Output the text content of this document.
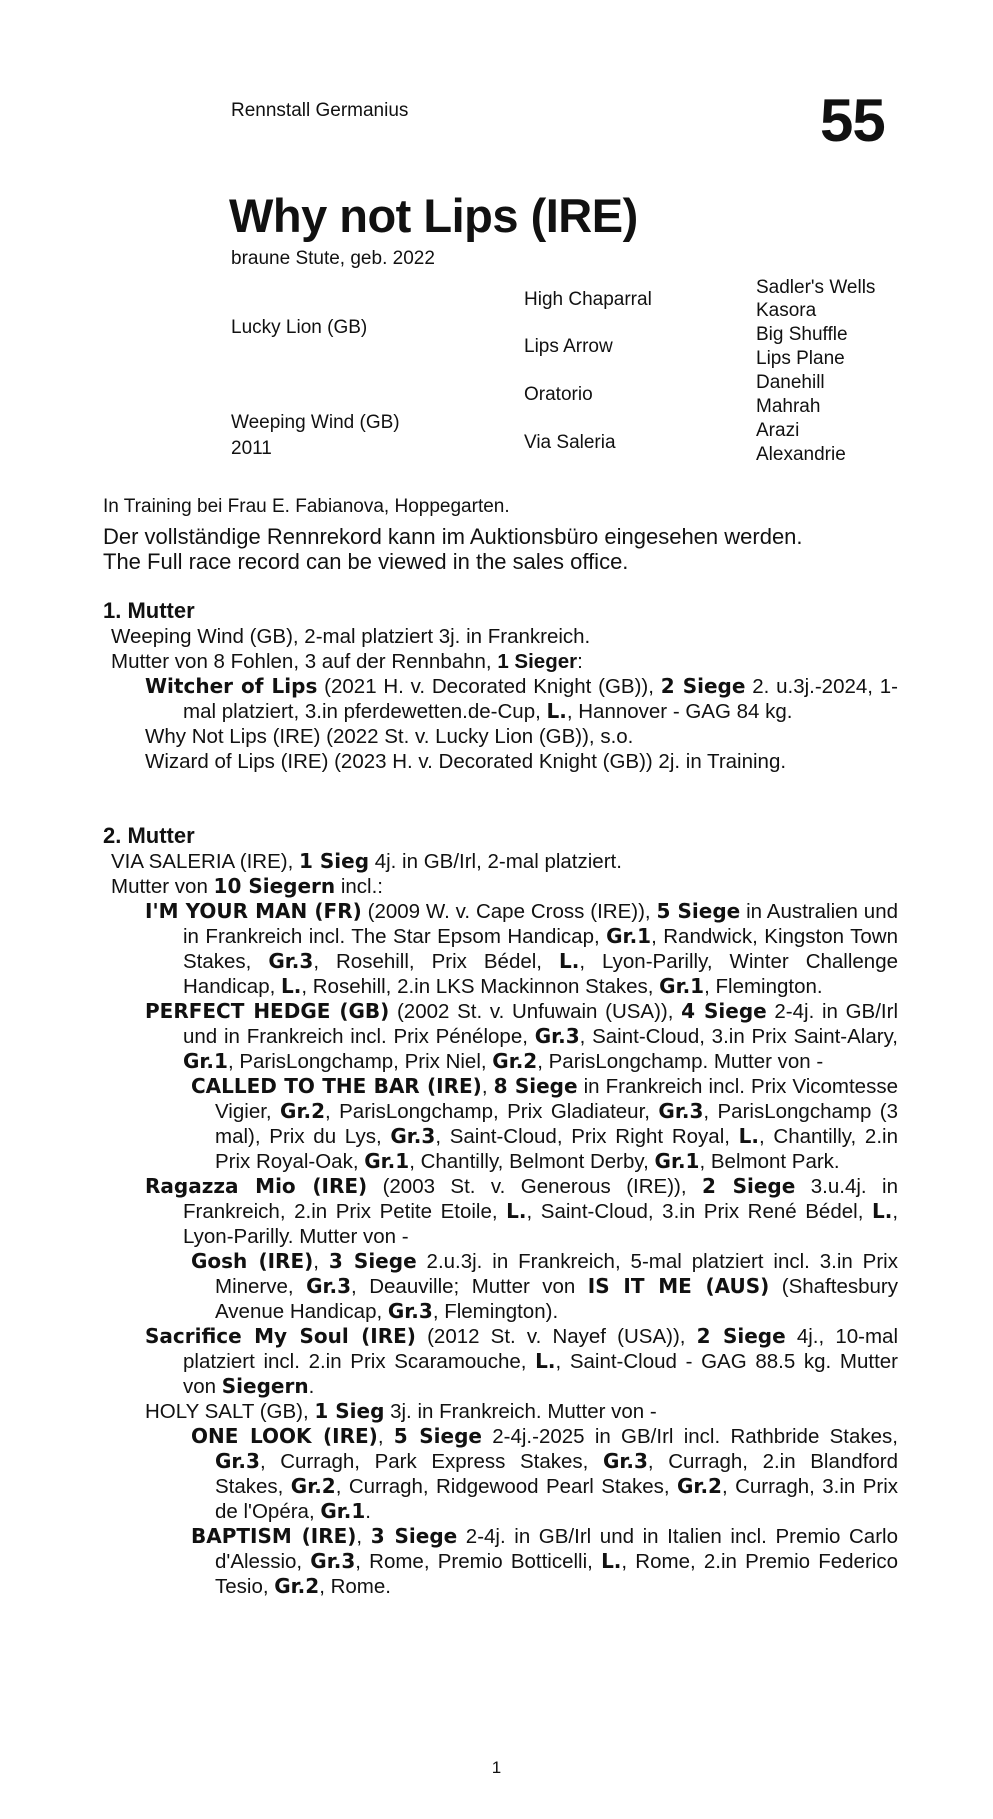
Rennstall Germanius	55
Why not Lips (IRE)
braune Stute, geb. 2022
Lucky Lion (GB)
Weeping Wind (GB)
2011
High Chaparral
Lips Arrow
Oratorio
Via Saleria
Sadler's Wells
Kasora
Big Shuffle
Lips Plane
Danehill
Mahrah
Arazi
Alexandrie
In Training bei Frau E. Fabianova, Hoppegarten.
Der vollständige Rennrekord kann im Auktionsbüro eingesehen werden.
The Full race record can be viewed in the sales office.

1. Mutter

Weeping Wind (GB), 2-mal platziert 3j. in Frankreich.

Mutter von 8 Fohlen, 3 auf der Rennbahn, 1 Sieger:

Witcher of Lips (2021 H. v. Decorated Knight (GB)), 2 Siege 2. u.3j.-2024, 1-mal platziert, 3.in pferdewetten.de-Cup, L., Hannover - GAG 84 kg.

Why Not Lips (IRE) (2022 St. v. Lucky Lion (GB)), s.o.

Wizard of Lips (IRE) (2023 H. v. Decorated Knight (GB)) 2j. in Training.

2. Mutter

VIA SALERIA (IRE), 1 Sieg 4j. in GB/Irl, 2-mal platziert.

Mutter von 10 Siegern incl.:

I'M YOUR MAN (FR) (2009 W. v. Cape Cross (IRE)), 5 Siege in Australien und in Frankreich incl. The Star Epsom Handicap, Gr.1, Randwick, Kingston Town Stakes, Gr.3, Rosehill, Prix Bédel, L., Lyon-Parilly, Winter Challenge Handicap, L., Rosehill, 2.in LKS Mackinnon Stakes, Gr.1, Flemington.

PERFECT HEDGE (GB) (2002 St. v. Unfuwain (USA)), 4 Siege 2-4j. in GB/Irl und in Frankreich incl. Prix Pénélope, Gr.3, Saint-Cloud, 3.in Prix Saint-Alary, Gr.1, ParisLongchamp, Prix Niel, Gr.2, ParisLongchamp. Mutter von -

CALLED TO THE BAR (IRE), 8 Siege in Frankreich incl. Prix Vicomtesse Vigier, Gr.2, ParisLongchamp, Prix Gladiateur, Gr.3, ParisLongchamp (3 mal), Prix du Lys, Gr.3, Saint-Cloud, Prix Right Royal, L., Chantilly, 2.in Prix Royal-Oak, Gr.1, Chantilly, Belmont Derby, Gr.1, Belmont Park.

Ragazza Mio (IRE) (2003 St. v. Generous (IRE)), 2 Siege 3.u.4j. in Frankreich, 2.in Prix Petite Etoile, L., Saint-Cloud, 3.in Prix René Bédel, L., Lyon-Parilly. Mutter von -

Gosh (IRE), 3 Siege 2.u.3j. in Frankreich, 5-mal platziert incl. 3.in Prix Minerve, Gr.3, Deauville; Mutter von IS IT ME (AUS) (Shaftesbury Avenue Handicap, Gr.3, Flemington).

Sacrifice My Soul (IRE) (2012 St. v. Nayef (USA)), 2 Siege 4j., 10-mal platziert incl. 2.in Prix Scaramouche, L., Saint-Cloud - GAG 88.5 kg. Mutter von Siegern.

HOLY SALT (GB), 1 Sieg 3j. in Frankreich. Mutter von -

ONE LOOK (IRE), 5 Siege 2-4j.-2025 in GB/Irl incl. Rathbride Stakes, Gr.3, Curragh, Park Express Stakes, Gr.3, Curragh, 2.in Blandford Stakes, Gr.2, Curragh, Ridgewood Pearl Stakes, Gr.2, Curragh, 3.in Prix de l'Opéra, Gr.1.

BAPTISM (IRE), 3 Siege 2-4j. in GB/Irl und in Italien incl. Premio Carlo d'Alessio, Gr.3, Rome, Premio Botticelli, L., Rome, 2.in Premio Federico Tesio, Gr.2, Rome.

1
